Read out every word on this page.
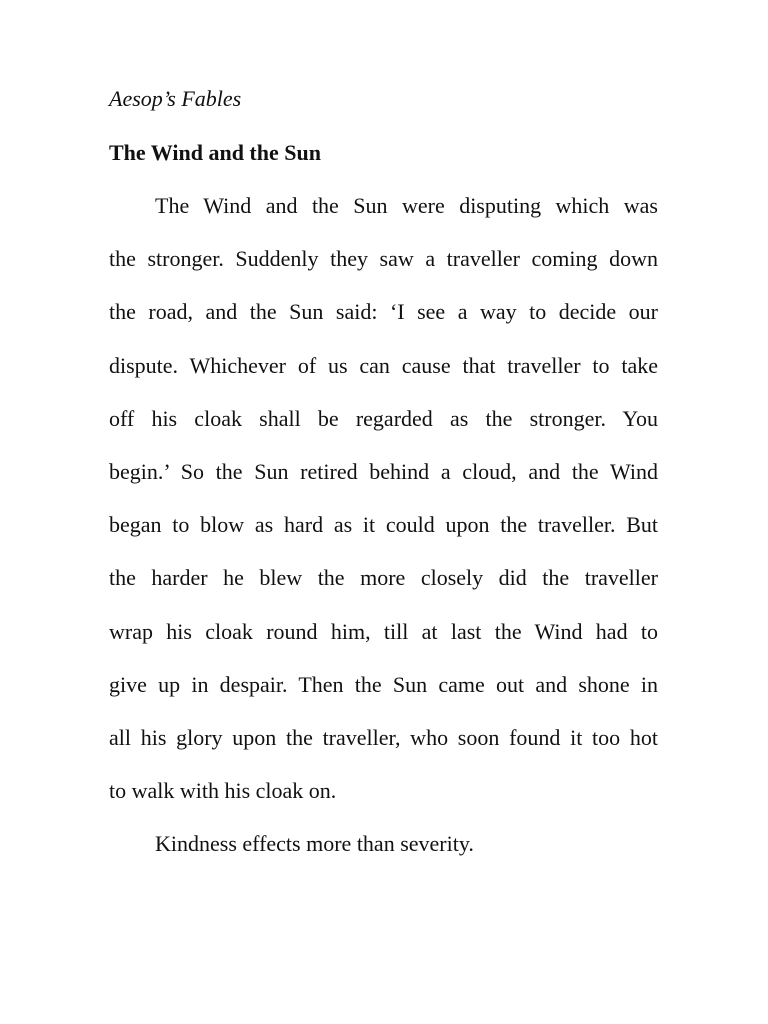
Aesop’s Fables
The Wind and the Sun
The Wind and the Sun were disputing which was
the stronger. Suddenly they saw a traveller coming down
the road, and the Sun said: ‘I see a way to decide our
dispute. Whichever of us can cause that traveller to take
off his cloak shall be regarded as the stronger. You
begin.’ So the Sun retired behind a cloud, and the Wind
began to blow as hard as it could upon the traveller. But
the harder he blew the more closely did the traveller
wrap his cloak round him, till at last the Wind had to
give up in despair. Then the Sun came out and shone in
all his glory upon the traveller, who soon found it too hot
to walk with his cloak on.
Kindness effects more than severity.
